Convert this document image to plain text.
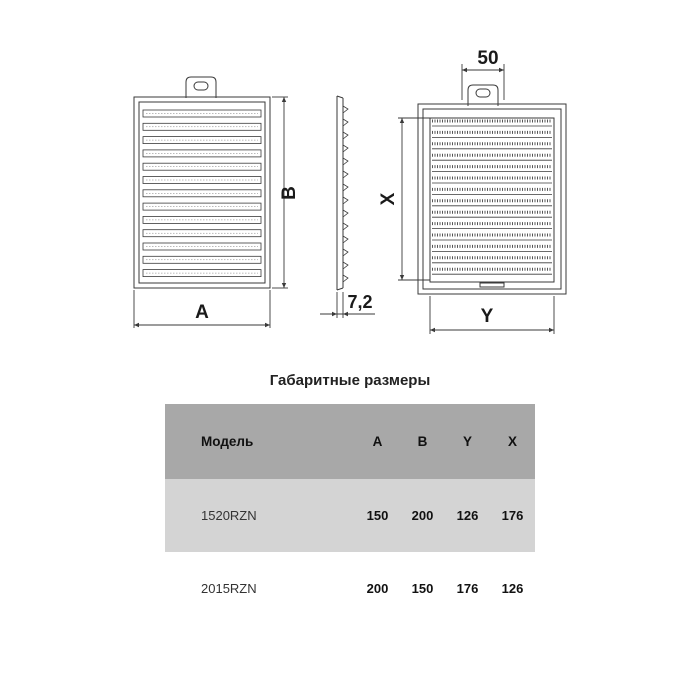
A
B
7,2
50
X
Y
Габаритные размеры
Модель	A	B	Y	X
1520RZN	150	200	126	176
2015RZN	200	150	176	126
